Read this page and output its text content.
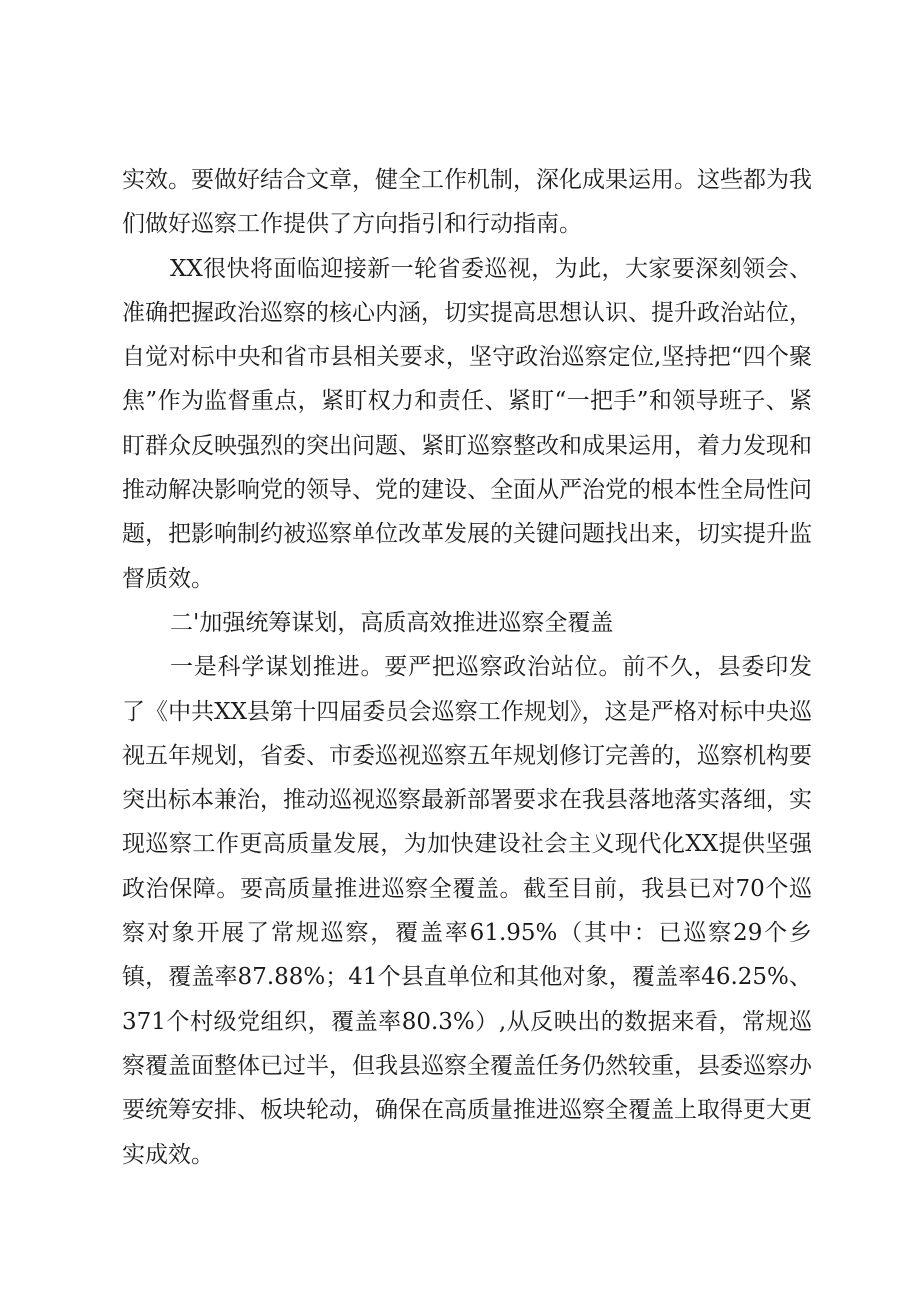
实效。要做好结合文章，健全工作机制，深化成果运用。这些都为我们做好巡察工作提供了方向指引和行动指南。

XX很快将面临迎接新一轮省委巡视，为此，大家要深刻领会、准确把握政治巡察的核心内涵，切实提高思想认识、提升政治站位，自觉对标中央和省市县相关要求，坚守政治巡察定位,坚持把“四个聚焦”作为监督重点，紧盯权力和责任、紧盯“一把手”和领导班子、紧盯群众反映强烈的突出问题、紧盯巡察整改和成果运用，着力发现和推动解决影响党的领导、党的建设、全面从严治党的根本性全局性问题，把影响制约被巡察单位改革发展的关键问题找出来，切实提升监督质效。

二'加强统筹谋划，高质高效推进巡察全覆盖

一是科学谋划推进。要严把巡察政治站位。前不久，县委印发了《中共XX县第十四届委员会巡察工作规划》，这是严格对标中央巡视五年规划，省委、市委巡视巡察五年规划修订完善的，巡察机构要突出标本兼治，推动巡视巡察最新部署要求在我县落地落实落细，实现巡察工作更高质量发展，为加快建设社会主义现代化XX提供坚强政治保障。要高质量推进巡察全覆盖。截至目前，我县已对70个巡察对象开展了常规巡察，覆盖率61.95%（其中：已巡察29个乡镇，覆盖率87.88%；41个县直单位和其他对象，覆盖率46.25%、371个村级党组织，覆盖率80.3%）,从反映出的数据来看，常规巡察覆盖面整体已过半，但我县巡察全覆盖任务仍然较重，县委巡察办要统筹安排、板块轮动，确保在高质量推进巡察全覆盖上取得更大更实成效。
